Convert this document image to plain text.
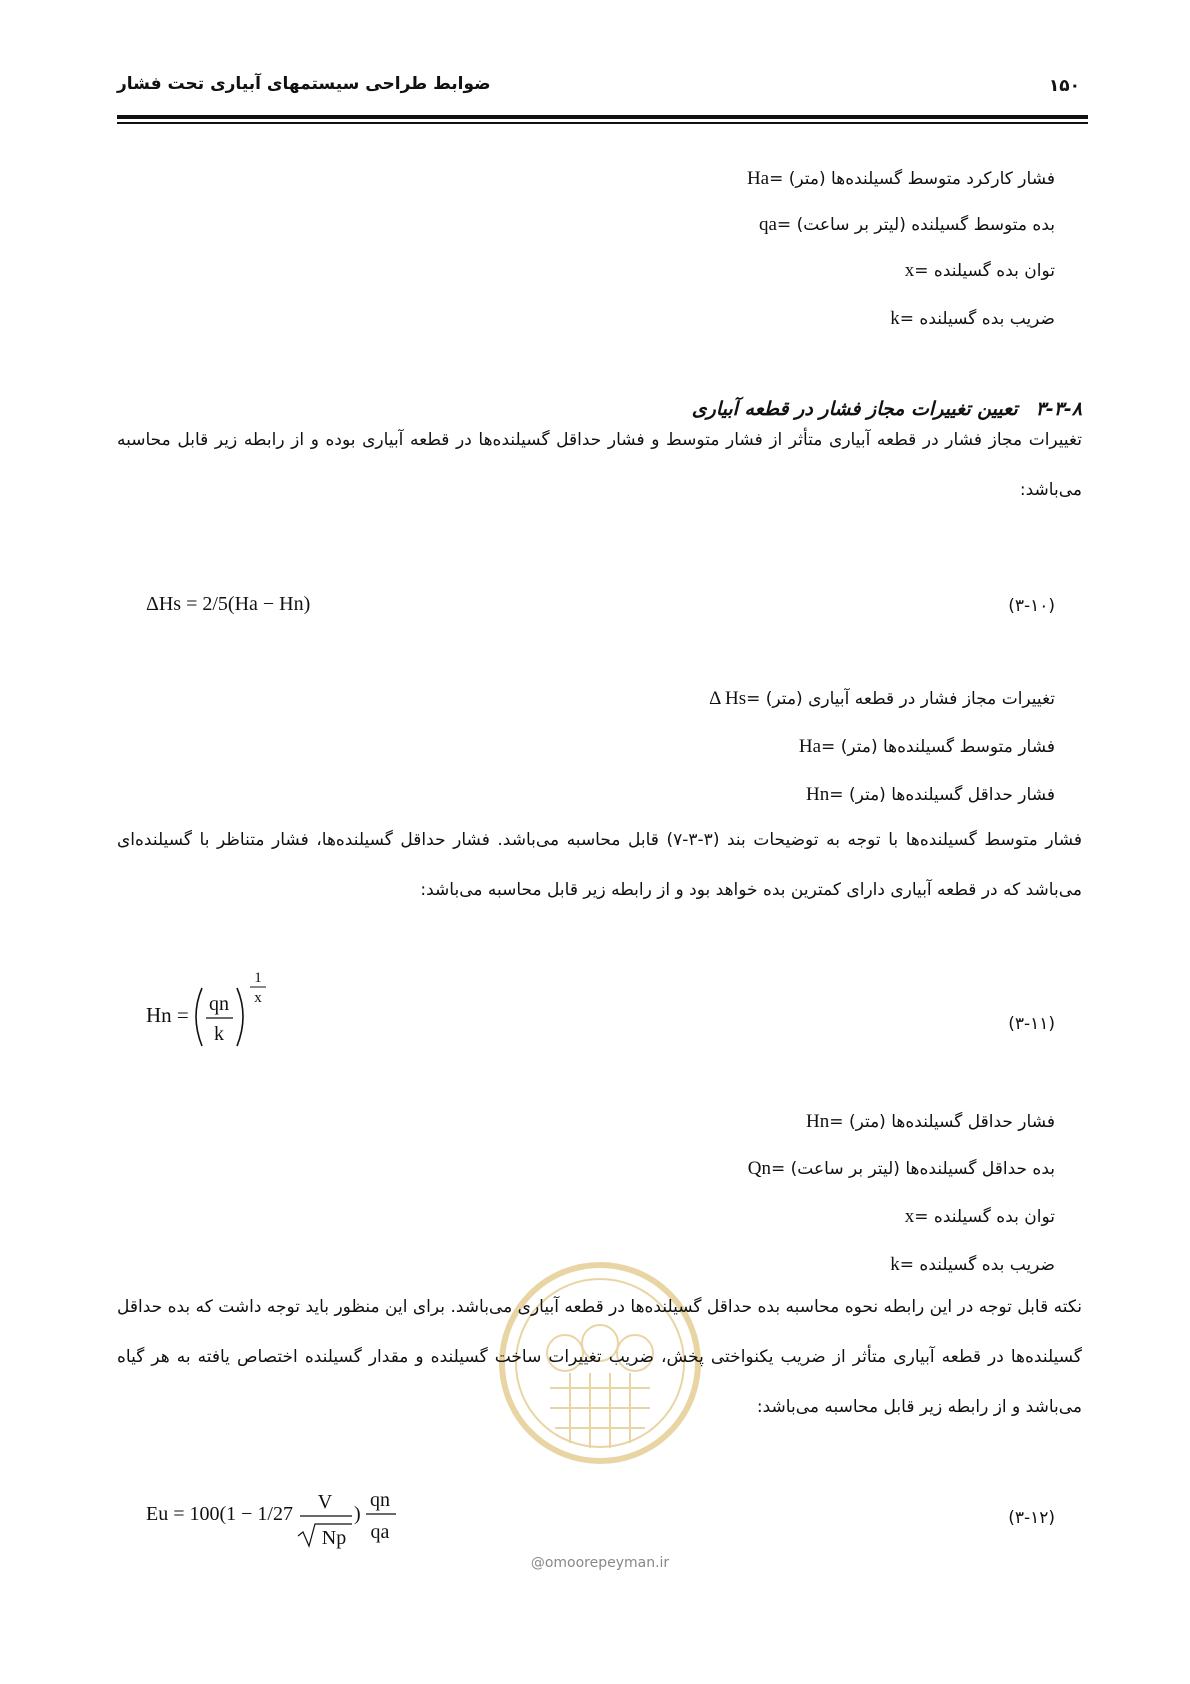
ضوابط طراحی سیستمهای آبیاری تحت فشار	۱۵۰
Ha= فشار کارکرد متوسط گسیلنده‌ها (متر)
qa= بده متوسط گسیلنده (لیتر بر ساعت)
x= توان بده گسیلنده
k= ضریب بده گسیلنده
۳-۳-۸تعیین تغییرات مجاز فشار در قطعه آبیاری
تغییرات مجاز فشار در قطعه آبیاری متأثر از فشار متوسط و فشار حداقل گسیلنده‌ها در قطعه آبیاری بوده و از رابطه زیر قابل محاسبه می‌باشد:
ΔHs = 2/5(Ha − Hn)	(۳-۱۰)
Δ Hs= تغییرات مجاز فشار در قطعه آبیاری (متر)
Ha= فشار متوسط گسیلنده‌ها (متر)
Hn= فشار حداقل گسیلنده‌ها (متر)
فشار متوسط گسیلنده‌ها با توجه به توضیحات بند (۳-۳-۷) قابل محاسبه می‌باشد. فشار حداقل گسیلنده‌ها، فشار متناظر با گسیلنده‌ای می‌باشد که در قطعه آبیاری دارای کمترین بده خواهد بود و از رابطه زیر قابل محاسبه می‌باشد:
Hn = qn
k
1
x
(۳-۱۱)
Hn= فشار حداقل گسیلنده‌ها (متر)
Qn= بده حداقل گسیلنده‌ها (لیتر بر ساعت)
x= توان بده گسیلنده
k= ضریب بده گسیلنده
@omoorepeyman.ir
نکته قابل توجه در این رابطه نحوه محاسبه بده حداقل گسیلنده‌ها در قطعه آبیاری می‌باشد. برای این منظور باید توجه داشت که بده حداقل گسیلنده‌ها در قطعه آبیاری متأثر از ضریب یکنواختی پخش، ضریب تغییرات ساخت گسیلنده و مقدار گسیلنده اختصاص یافته به هر گیاه می‌باشد و از رابطه زیر قابل محاسبه می‌باشد:
Eu = 100(1 − 1/27
V
Np
)
qn
qa
(۳-۱۲)
